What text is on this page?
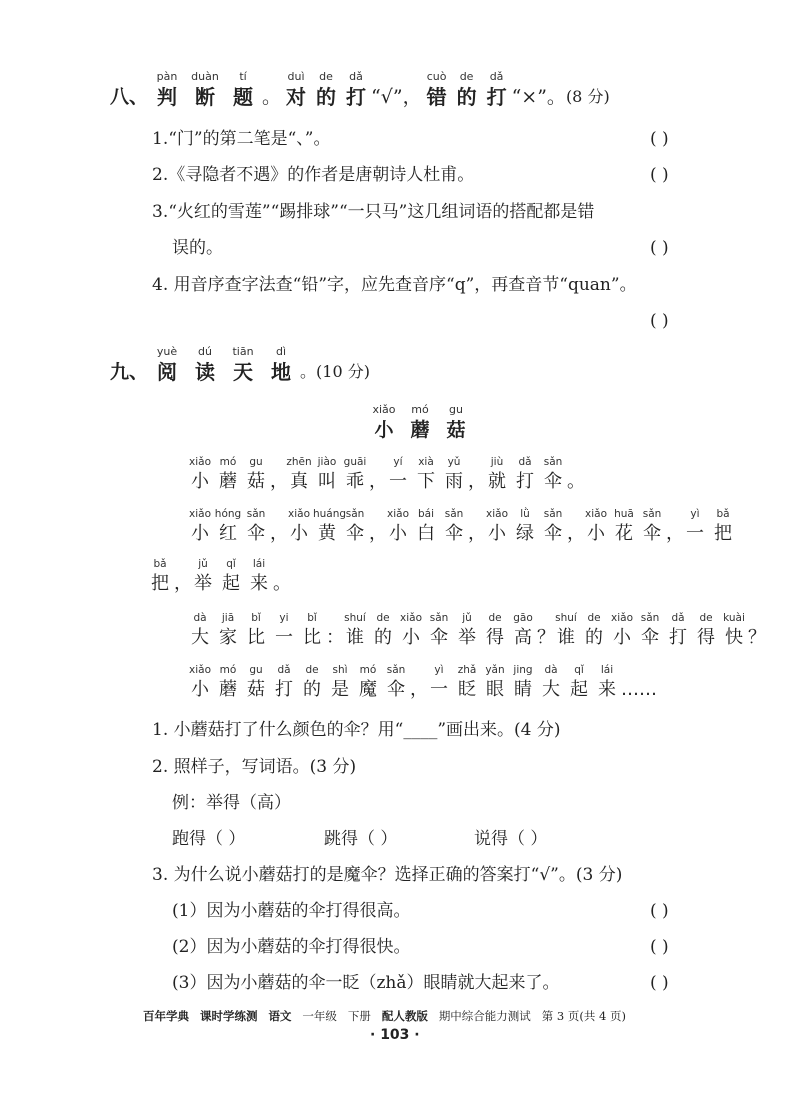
八、
pàn
判
duàn
断
tí
题 。
duì
对
de
的
dǎ
打 “√”，
cuò
错
de
的
dǎ
打 “×”。(8 分)
1.“门”的第二笔是“、”。	( )
2.《寻隐者不遇》的作者是唐朝诗人杜甫。	( )
3.“火红的雪莲”“踢排球”“一只马”这几组词语的搭配都是错
误的。	( )
4. 用音序查字法查“铅”字，应先查音序“q”，再查音节“quan”。
( )
九、
yuè
阅
dú
读
tiān
天
dì
地 。(10 分)
xiǎo
小
mó
蘑
gu
菇
xiǎo
小
mó
蘑
gu
菇 ，
zhēn
真
jiào
叫
guāi
乖 ，
yí
一
xià
下
yǔ
雨 ，
jiù
就
dǎ
打
sǎn
伞 。
xiǎo
小
hóng
红
sǎn
伞 ，
xiǎo
小
huáng
黄
sǎn
伞 ，
xiǎo
小
bái
白
sǎn
伞 ，
xiǎo
小
lǜ
绿
sǎn
伞 ，
xiǎo
小
huā
花
sǎn
伞 ，
yì
一
bǎ
把
bǎ
把 ，
jǔ
举
qǐ
起
lái
来 。
dà
大
jiā
家
bǐ
比
yi
一
bǐ
比 ：
shuí
谁
de
的
xiǎo
小
sǎn
伞
jǔ
举
de
得
gāo
高 ？
shuí
谁
de
的
xiǎo
小
sǎn
伞
dǎ
打
de
得
kuài
快 ？
xiǎo
小
mó
蘑
gu
菇
dǎ
打
de
的
shì
是
mó
魔
sǎn
伞 ，
yì
一
zhǎ
眨
yǎn
眼
jing
睛
dà
大
qǐ
起
lái
来 ……
1. 小蘑菇打了什么颜色的伞？用“____”画出来。(4 分)
2. 照样子，写词语。(3 分)
例：举得（高）
跑得（ ）	跳得（ ）	说得（ ）
3. 为什么说小蘑菇打的是魔伞？选择正确的答案打“√”。(3 分)
(1）因为小蘑菇的伞打得很高。	( )
(2）因为小蘑菇的伞打得很快。	( )
(3）因为小蘑菇的伞一眨（zhǎ）眼睛就大起来了。	( )
百年学典 课时学练测 语文 一年级 下册 配人教版 期中综合能力测试 第 3 页(共 4 页)
· 103 ·
